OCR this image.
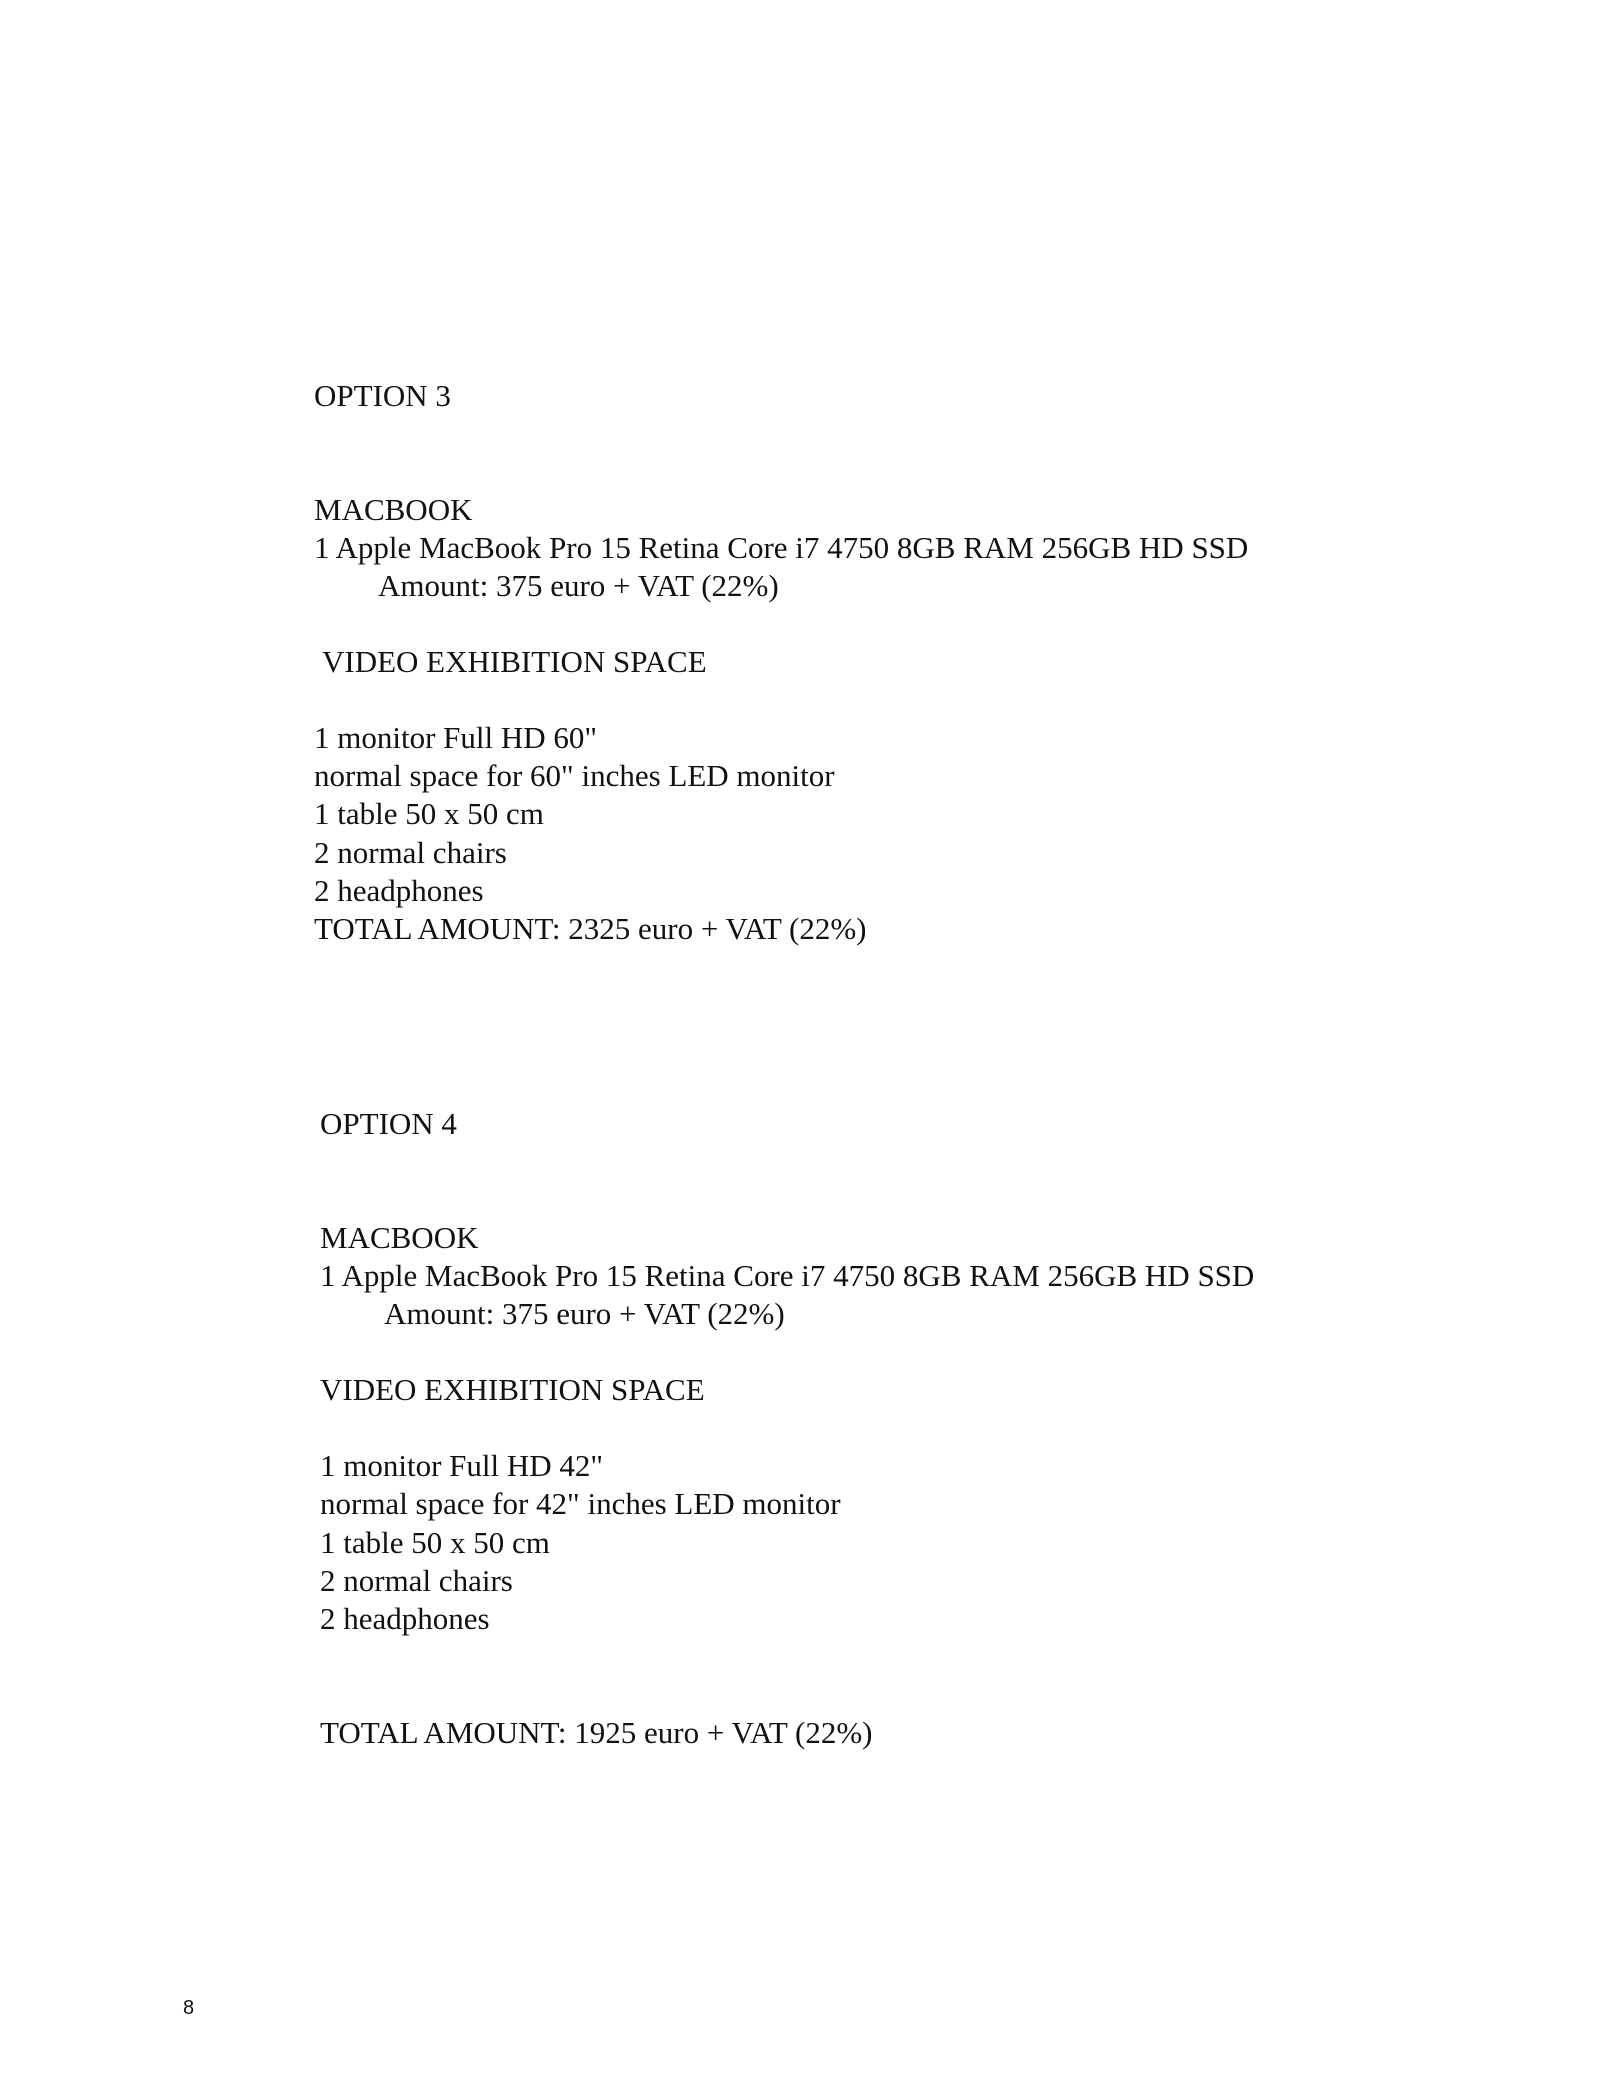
OPTION 3

MACBOOK

1 Apple MacBook Pro 15 Retina Core i7 4750 8GB RAM 256GB HD SSD

Amount: 375 euro + VAT (22%)

VIDEO EXHIBITION SPACE

1 monitor Full HD 60"

normal space for 60" inches LED monitor

1 table 50 x 50 cm

2 normal chairs

2 headphones

TOTAL AMOUNT: 2325 euro + VAT (22%)

OPTION 4

MACBOOK

1 Apple MacBook Pro 15 Retina Core i7 4750 8GB RAM 256GB HD SSD

Amount: 375 euro + VAT (22%)

VIDEO EXHIBITION SPACE

1 monitor Full HD 42"

normal space for 42" inches LED monitor

1 table 50 x 50 cm

2 normal chairs

2 headphones

TOTAL AMOUNT: 1925 euro + VAT (22%)

8
